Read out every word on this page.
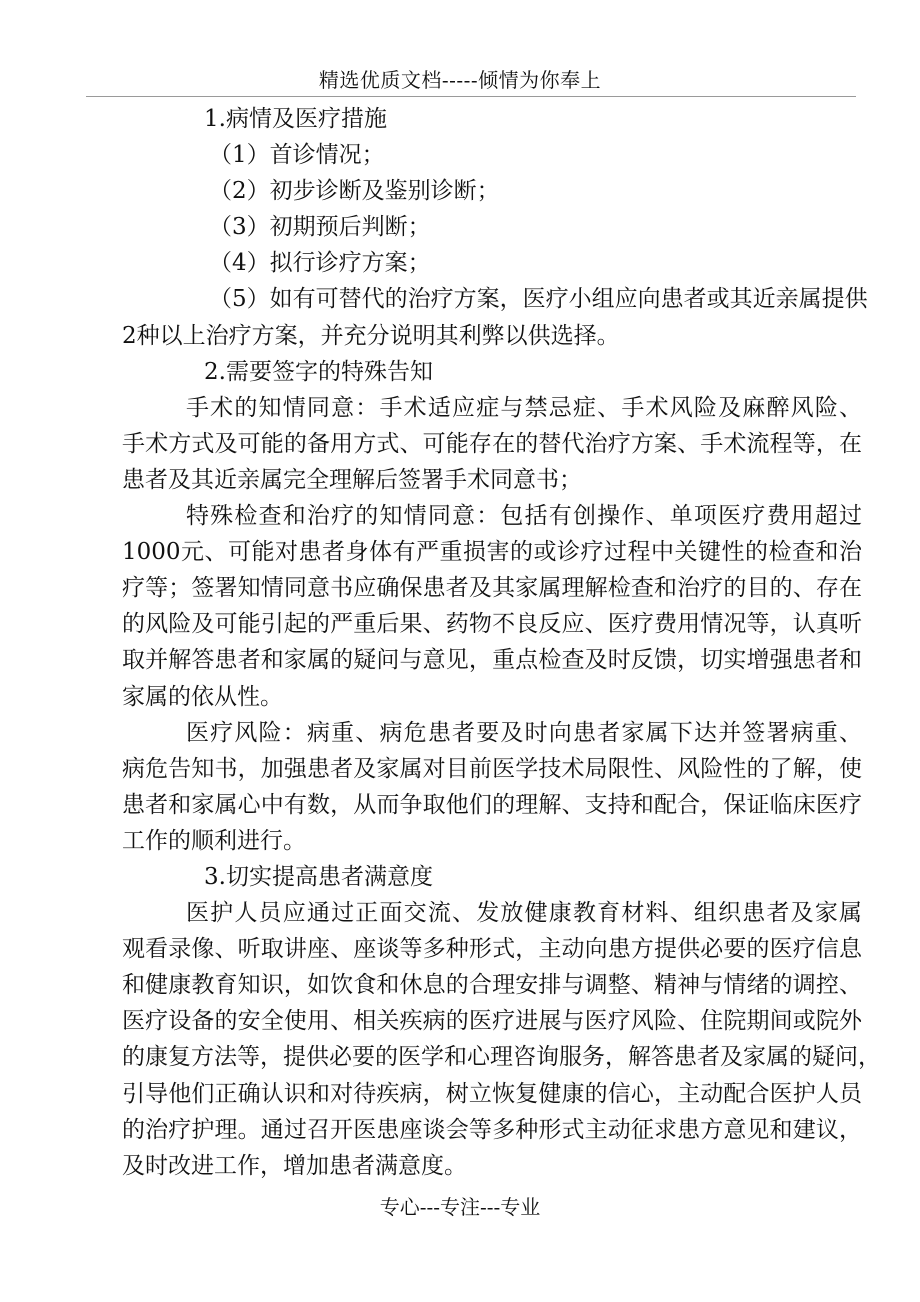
精选优质文档-----倾情为你奉上
1.病情及医疗措施
（1）首诊情况；
（2）初步诊断及鉴别诊断；
（3）初期预后判断；
（4）拟行诊疗方案；
（5）如有可替代的治疗方案，医疗小组应向患者或其近亲属提供
2种以上治疗方案，并充分说明其利弊以供选择。
2.需要签字的特殊告知
手术的知情同意：手术适应症与禁忌症、手术风险及麻醉风险、
手术方式及可能的备用方式、可能存在的替代治疗方案、手术流程等，在
患者及其近亲属完全理解后签署手术同意书；
特殊检查和治疗的知情同意：包括有创操作、单项医疗费用超过
1000元、可能对患者身体有严重损害的或诊疗过程中关键性的检查和治
疗等；签署知情同意书应确保患者及其家属理解检查和治疗的目的、存在
的风险及可能引起的严重后果、药物不良反应、医疗费用情况等，认真听
取并解答患者和家属的疑问与意见，重点检查及时反馈，切实增强患者和
家属的依从性。
医疗风险：病重、病危患者要及时向患者家属下达并签署病重、
病危告知书，加强患者及家属对目前医学技术局限性、风险性的了解，使
患者和家属心中有数，从而争取他们的理解、支持和配合，保证临床医疗
工作的顺利进行。
3.切实提高患者满意度
医护人员应通过正面交流、发放健康教育材料、组织患者及家属
观看录像、听取讲座、座谈等多种形式，主动向患方提供必要的医疗信息
和健康教育知识，如饮食和休息的合理安排与调整、精神与情绪的调控、
医疗设备的安全使用、相关疾病的医疗进展与医疗风险、住院期间或院外
的康复方法等，提供必要的医学和心理咨询服务，解答患者及家属的疑问，
引导他们正确认识和对待疾病，树立恢复健康的信心，主动配合医护人员
的治疗护理。通过召开医患座谈会等多种形式主动征求患方意见和建议，
及时改进工作，增加患者满意度。
专心---专注---专业
